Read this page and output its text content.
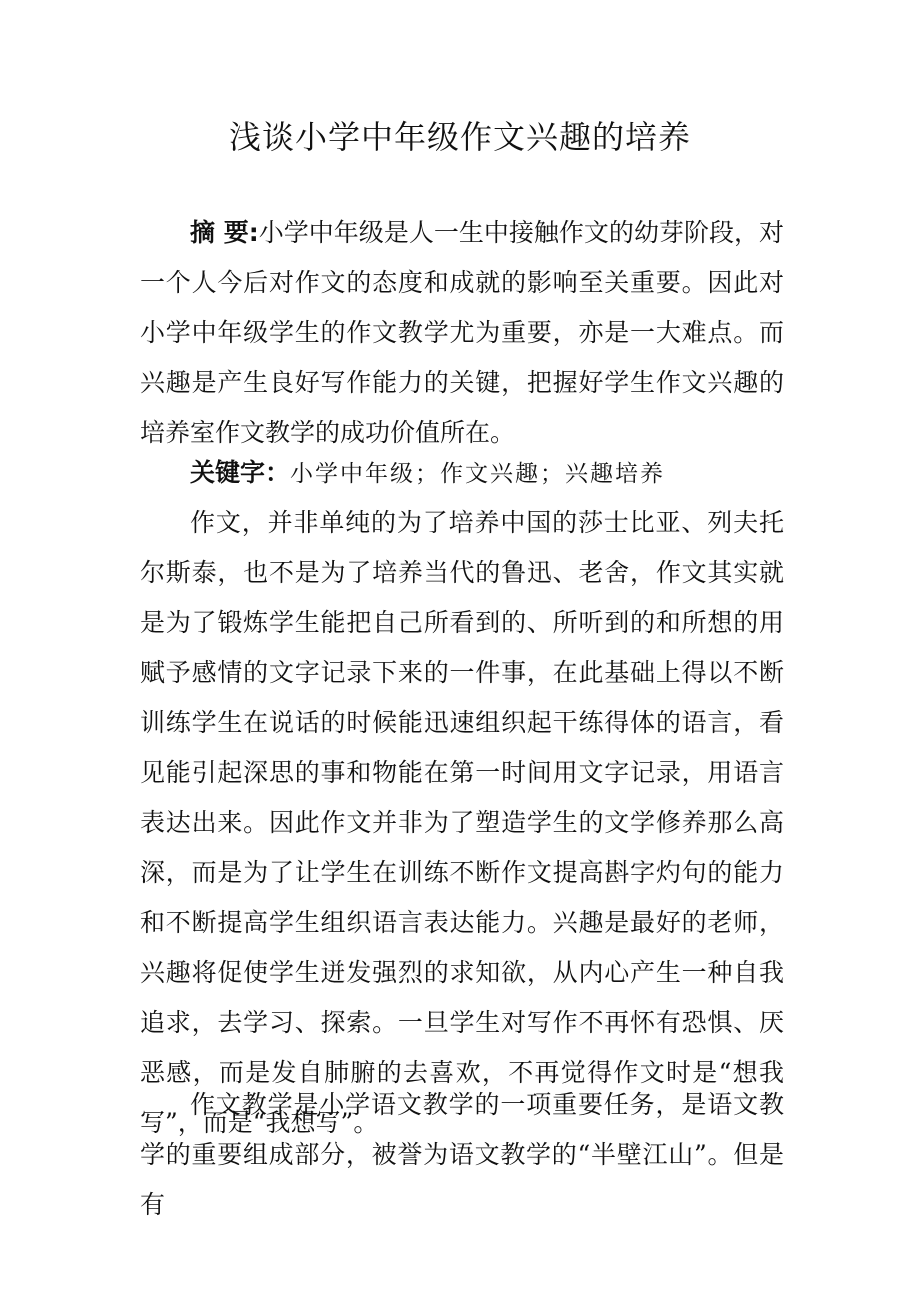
浅谈小学中年级作文兴趣的培养

摘 要:小学中年级是人一生中接触作文的幼芽阶段，对一个人今后对作文的态度和成就的影响至关重要。因此对小学中年级学生的作文教学尤为重要，亦是一大难点。而兴趣是产生良好写作能力的关键，把握好学生作文兴趣的培养室作文教学的成功价值所在。

关键字：小学中年级；作文兴趣；兴趣培养

作文，并非单纯的为了培养中国的莎士比亚、列夫托尔斯泰，也不是为了培养当代的鲁迅、老舍，作文其实就是为了锻炼学生能把自己所看到的、所听到的和所想的用赋予感情的文字记录下来的一件事，在此基础上得以不断训练学生在说话的时候能迅速组织起干练得体的语言，看见能引起深思的事和物能在第一时间用文字记录，用语言表达出来。因此作文并非为了塑造学生的文学修养那么高深，而是为了让学生在训练不断作文提高斟字灼句的能力和不断提高学生组织语言表达能力。兴趣是最好的老师，兴趣将促使学生迸发强烈的求知欲，从内心产生一种自我追求，去学习、探索。一旦学生对写作不再怀有恐惧、厌恶感，而是发自肺腑的去喜欢，不再觉得作文时是“想我写”，而是“我想写”。

作文教学是小学语文教学的一项重要任务，是语文教学的重要组成部分，被誉为语文教学的“半壁江山”。但是有
